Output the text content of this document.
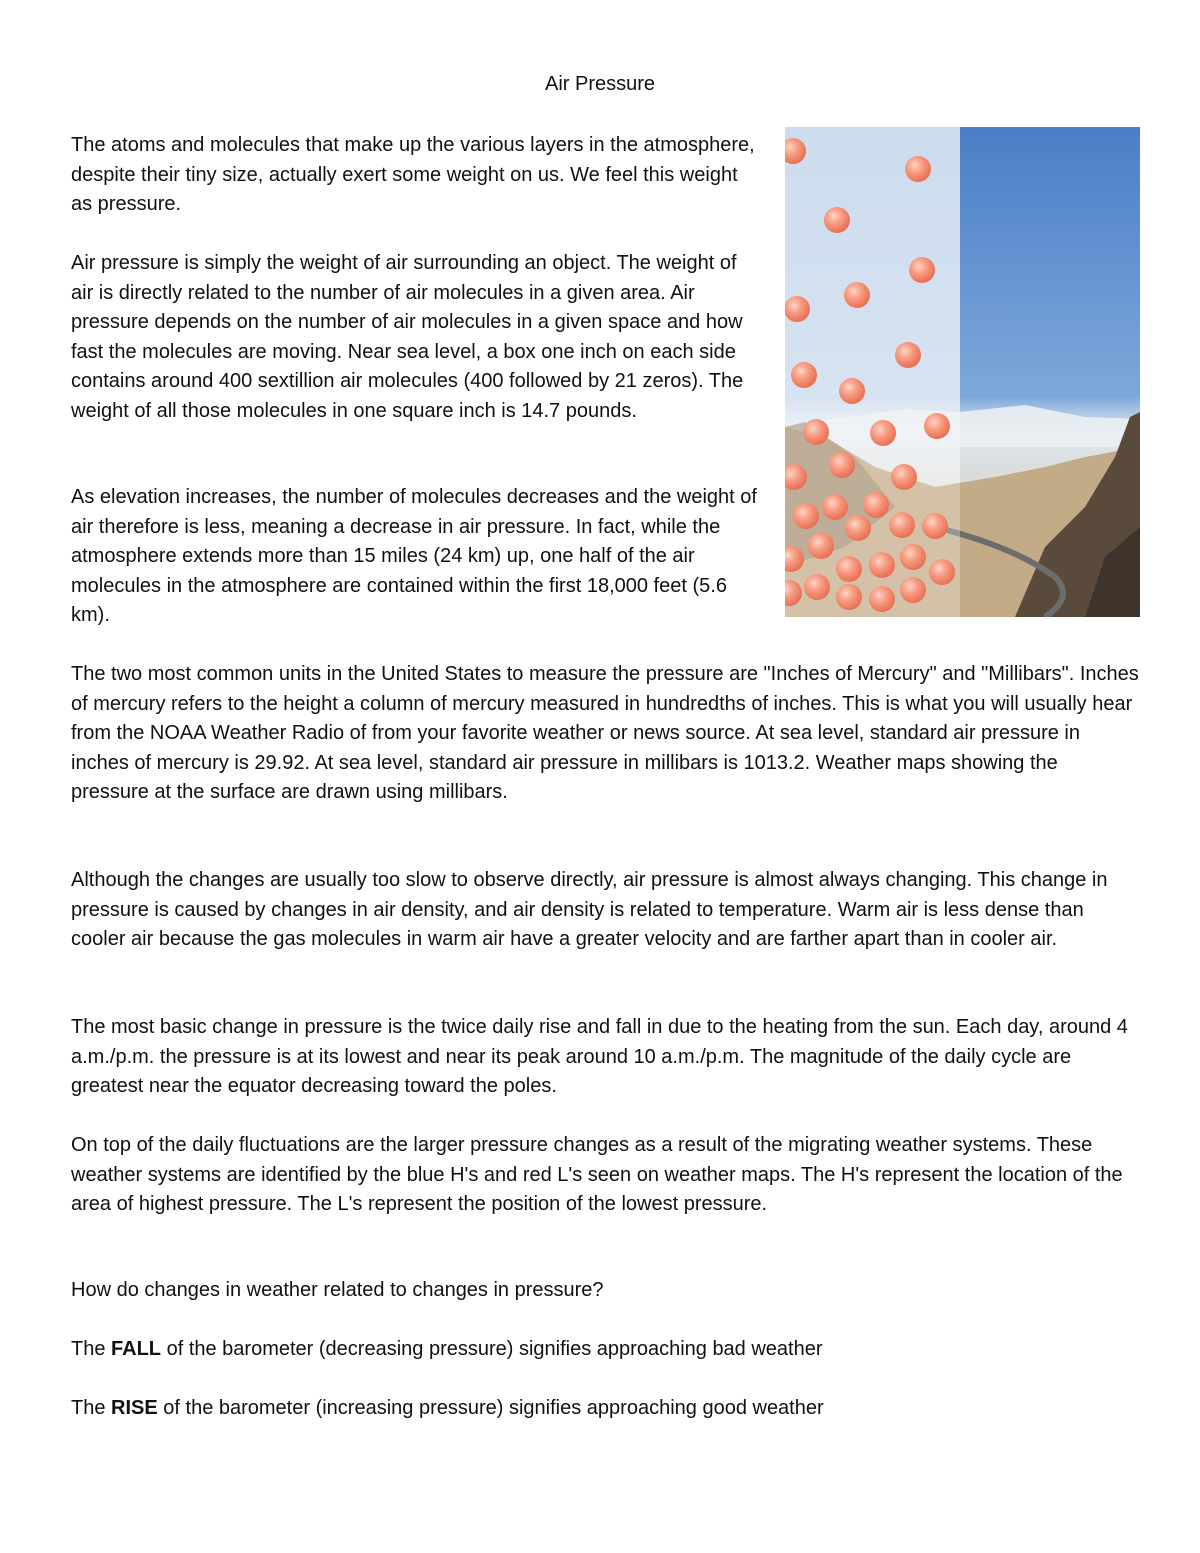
Air Pressure

The atoms and molecules that make up the various layers in the atmosphere, despite their tiny size, actually exert some weight on us. We feel this weight as pressure.

Air pressure is simply the weight of air surrounding an object. The weight of air is directly related to the number of air molecules in a given area. Air pressure depends on the number of air molecules in a given space and how fast the molecules are moving. Near sea level, a box one inch on each side contains around 400 sextillion air molecules (400 followed by 21 zeros). The weight of all those molecules in one square inch is 14.7 pounds.

As elevation increases, the number of molecules decreases and the weight of air therefore is less, meaning a decrease in air pressure. In fact, while the atmosphere extends more than 15 miles (24 km) up, one half of the air molecules in the atmosphere are contained within the first 18,000 feet (5.6 km).

The two most common units in the United States to measure the pressure are "Inches of Mercury" and "Millibars". Inches of mercury refers to the height a column of mercury measured in hundredths of inches. This is what you will usually hear from the NOAA Weather Radio of from your favorite weather or news source. At sea level, standard air pressure in inches of mercury is 29.92. At sea level, standard air pressure in millibars is 1013.2. Weather maps showing the pressure at the surface are drawn using millibars.

Although the changes are usually too slow to observe directly, air pressure is almost always changing. This change in pressure is caused by changes in air density, and air density is related to temperature. Warm air is less dense than cooler air because the gas molecules in warm air have a greater velocity and are farther apart than in cooler air.

The most basic change in pressure is the twice daily rise and fall in due to the heating from the sun. Each day, around 4 a.m./p.m. the pressure is at its lowest and near its peak around 10 a.m./p.m. The magnitude of the daily cycle are greatest near the equator decreasing toward the poles.

On top of the daily fluctuations are the larger pressure changes as a result of the migrating weather systems. These weather systems are identified by the blue H's and red L's seen on weather maps. The H's represent the location of the area of highest pressure. The L's represent the position of the lowest pressure.

How do changes in weather related to changes in pressure?

The FALL of the barometer (decreasing pressure) signifies approaching bad weather

The RISE of the barometer (increasing pressure) signifies approaching good weather
